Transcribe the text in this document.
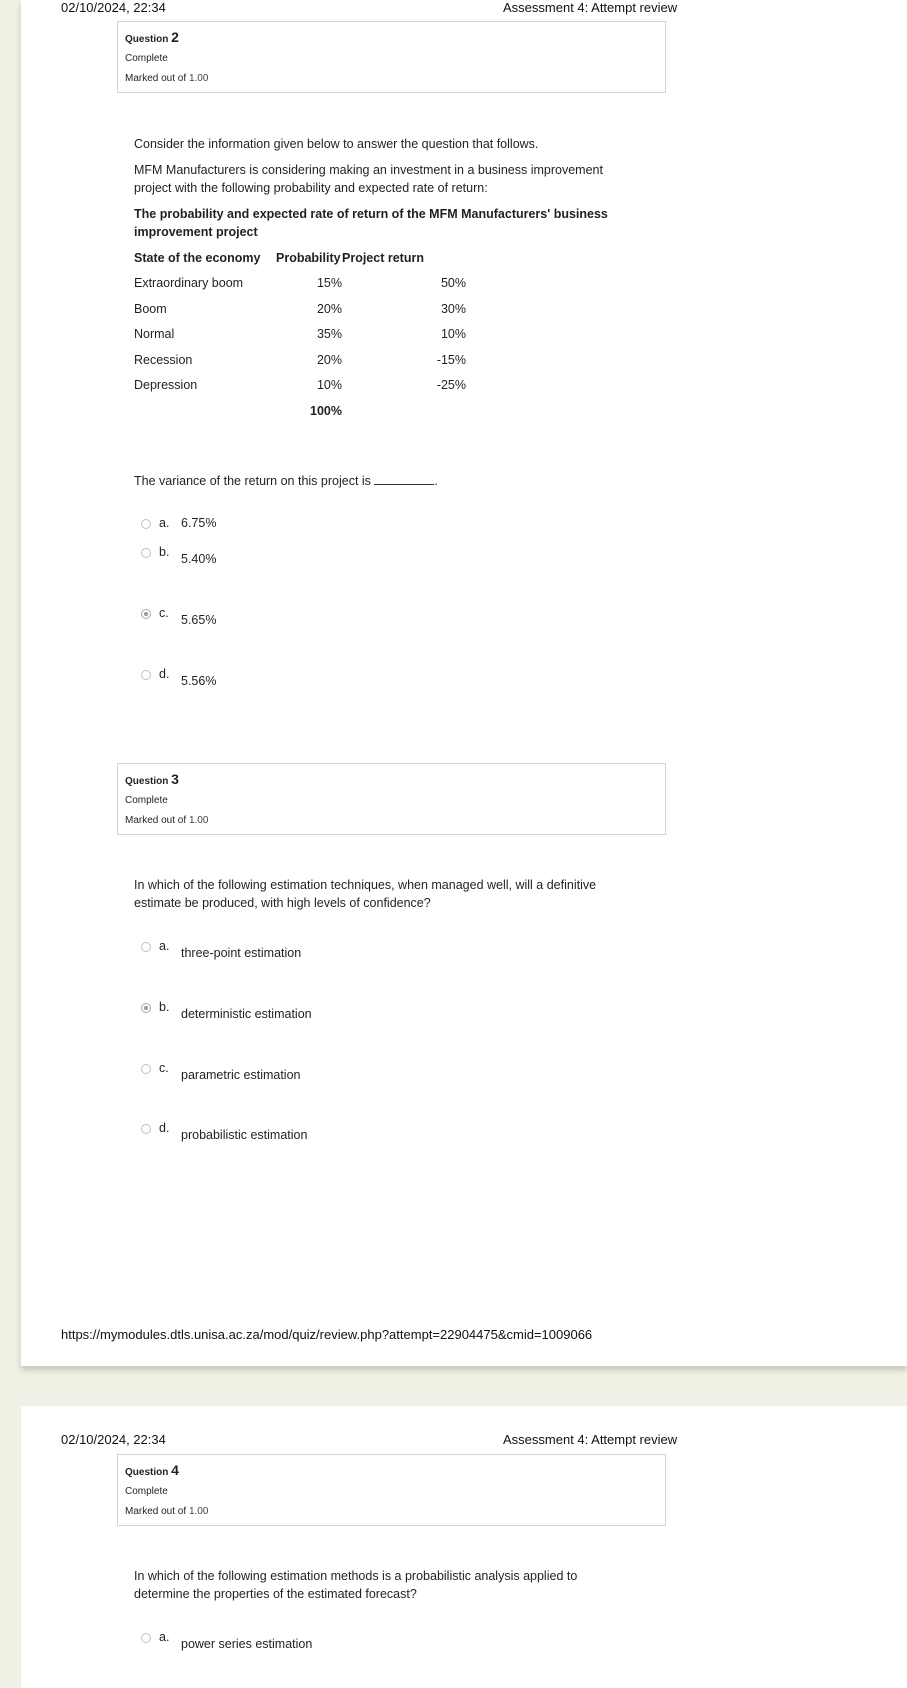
02/10/2024, 22:34	Assessment 4: Attempt review
Question 2
Complete
Marked out of 1.00

Consider the information given below to answer the question that follows.

MFM Manufacturers is considering making an investment in a business improvement project with the following probability and expected rate of return:

The probability and expected rate of return of the MFM Manufacturers' business improvement project
State of the economy	Probability	Project return
Extraordinary boom	15%	50%
Boom	20%	30%
Normal	35%	10%
Recession	20%	-15%
Depression	10%	-25%
	100%	
The variance of the return on this project is	.
a. 6.75%
b. 5.40%
c. 5.65%
d. 5.56%
Question 3
Complete
Marked out of 1.00
In which of the following estimation techniques, when managed well, will a definitive estimate be produced, with high levels of confidence?
a. three-point estimation
b. deterministic estimation
c. parametric estimation
d. probabilistic estimation
https://mymodules.dtls.unisa.ac.za/mod/quiz/review.php?attempt=22904475&cmid=1009066
02/10/2024, 22:34	Assessment 4: Attempt review
Question 4
Complete
Marked out of 1.00
In which of the following estimation methods is a probabilistic analysis applied to determine the properties of the estimated forecast?
a. power series estimation
